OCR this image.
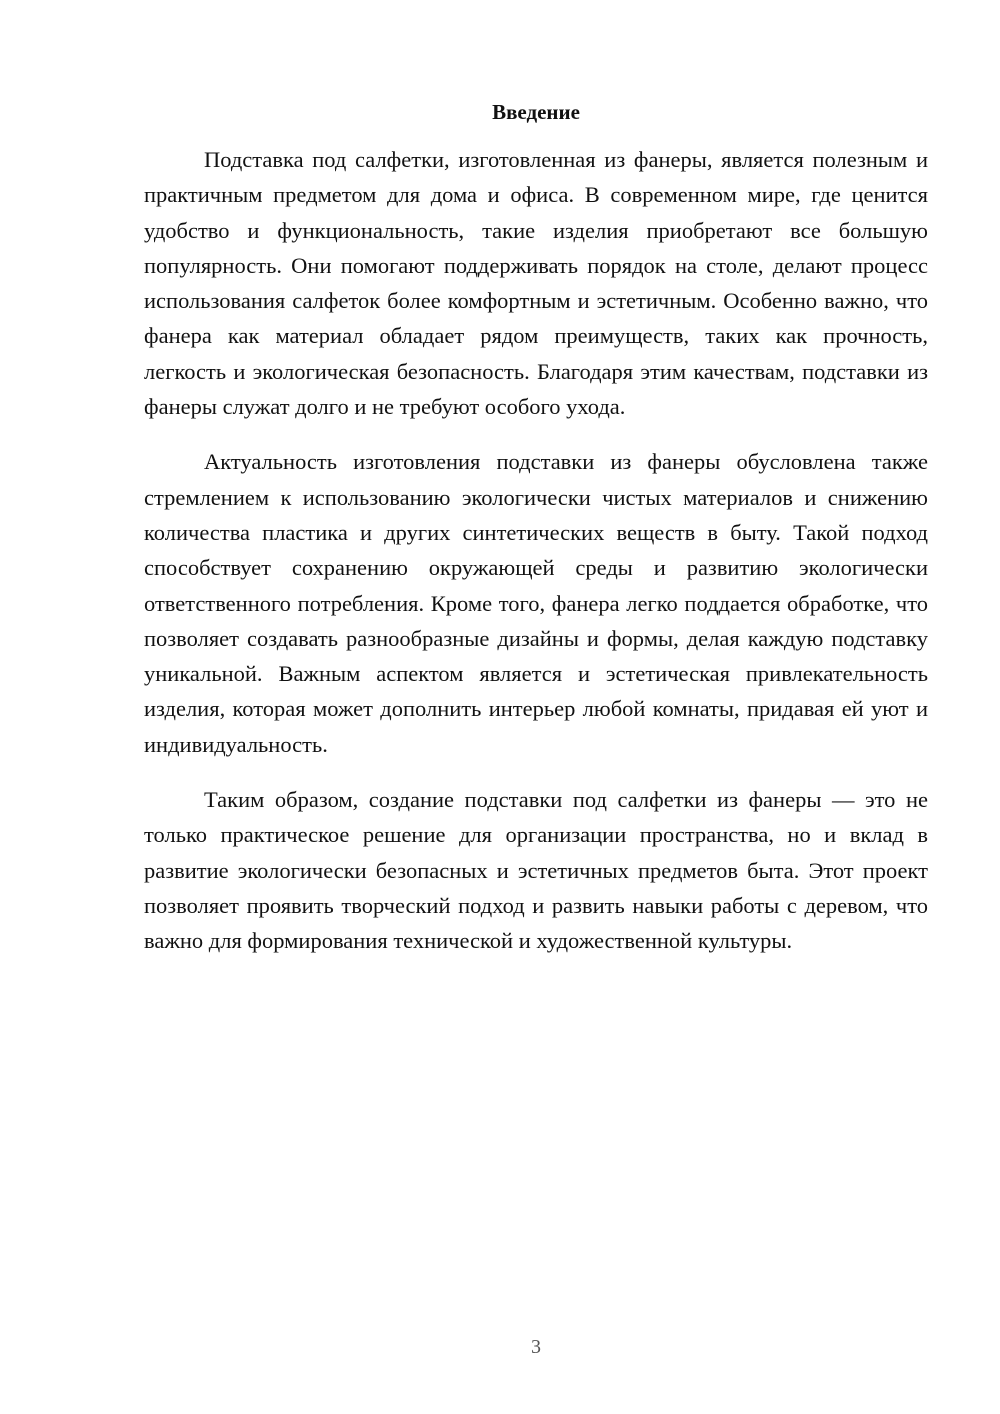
Введение

Подставка под салфетки, изготовленная из фанеры, является полезным и практичным предметом для дома и офиса. В современном мире, где ценится удобство и функциональность, такие изделия приобретают все большую популярность. Они помогают поддерживать порядок на столе, делают процесс использования салфеток более комфортным и эстетичным. Особенно важно, что фанера как материал обладает рядом преимуществ, таких как прочность, легкость и экологическая безопасность. Благодаря этим качествам, подставки из фанеры служат долго и не требуют особого ухода.

Актуальность изготовления подставки из фанеры обусловлена также стремлением к использованию экологически чистых материалов и снижению количества пластика и других синтетических веществ в быту. Такой подход способствует сохранению окружающей среды и развитию экологически ответственного потребления. Кроме того, фанера легко поддается обработке, что позволяет создавать разнообразные дизайны и формы, делая каждую подставку уникальной. Важным аспектом является и эстетическая привлекательность изделия, которая может дополнить интерьер любой комнаты, придавая ей уют и индивидуальность.

Таким образом, создание подставки под салфетки из фанеры — это не только практическое решение для организации пространства, но и вклад в развитие экологически безопасных и эстетичных предметов быта. Этот проект позволяет проявить творческий подход и развить навыки работы с деревом, что важно для формирования технической и художественной культуры.

3
